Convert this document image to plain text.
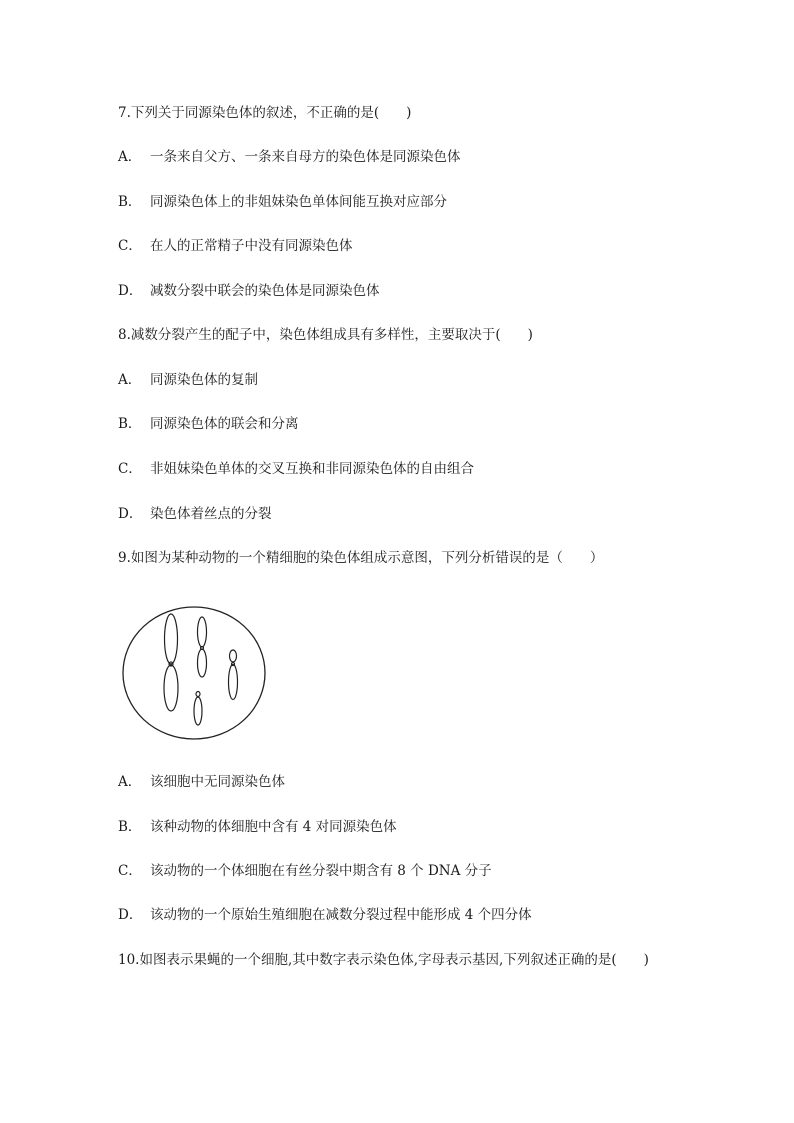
7.下列关于同源染色体的叙述，不正确的是(　　)
A． 一条来自父方、一条来自母方的染色体是同源染色体
B． 同源染色体上的非姐妹染色单体间能互换对应部分
C． 在人的正常精子中没有同源染色体
D． 减数分裂中联会的染色体是同源染色体
8.减数分裂产生的配子中，染色体组成具有多样性，主要取决于(　　)
A． 同源染色体的复制
B． 同源染色体的联会和分离
C． 非姐妹染色单体的交叉互换和非同源染色体的自由组合
D． 染色体着丝点的分裂
9.如图为某种动物的一个精细胞的染色体组成示意图，下列分析错误的是（　　）
A． 该细胞中无同源染色体
B． 该种动物的体细胞中含有 4 对同源染色体
C． 该动物的一个体细胞在有丝分裂中期含有 8 个 DNA 分子
D． 该动物的一个原始生殖细胞在减数分裂过程中能形成 4 个四分体
10.如图表示果蝇的一个细胞,其中数字表示染色体,字母表示基因,下列叙述正确的是(　　)
